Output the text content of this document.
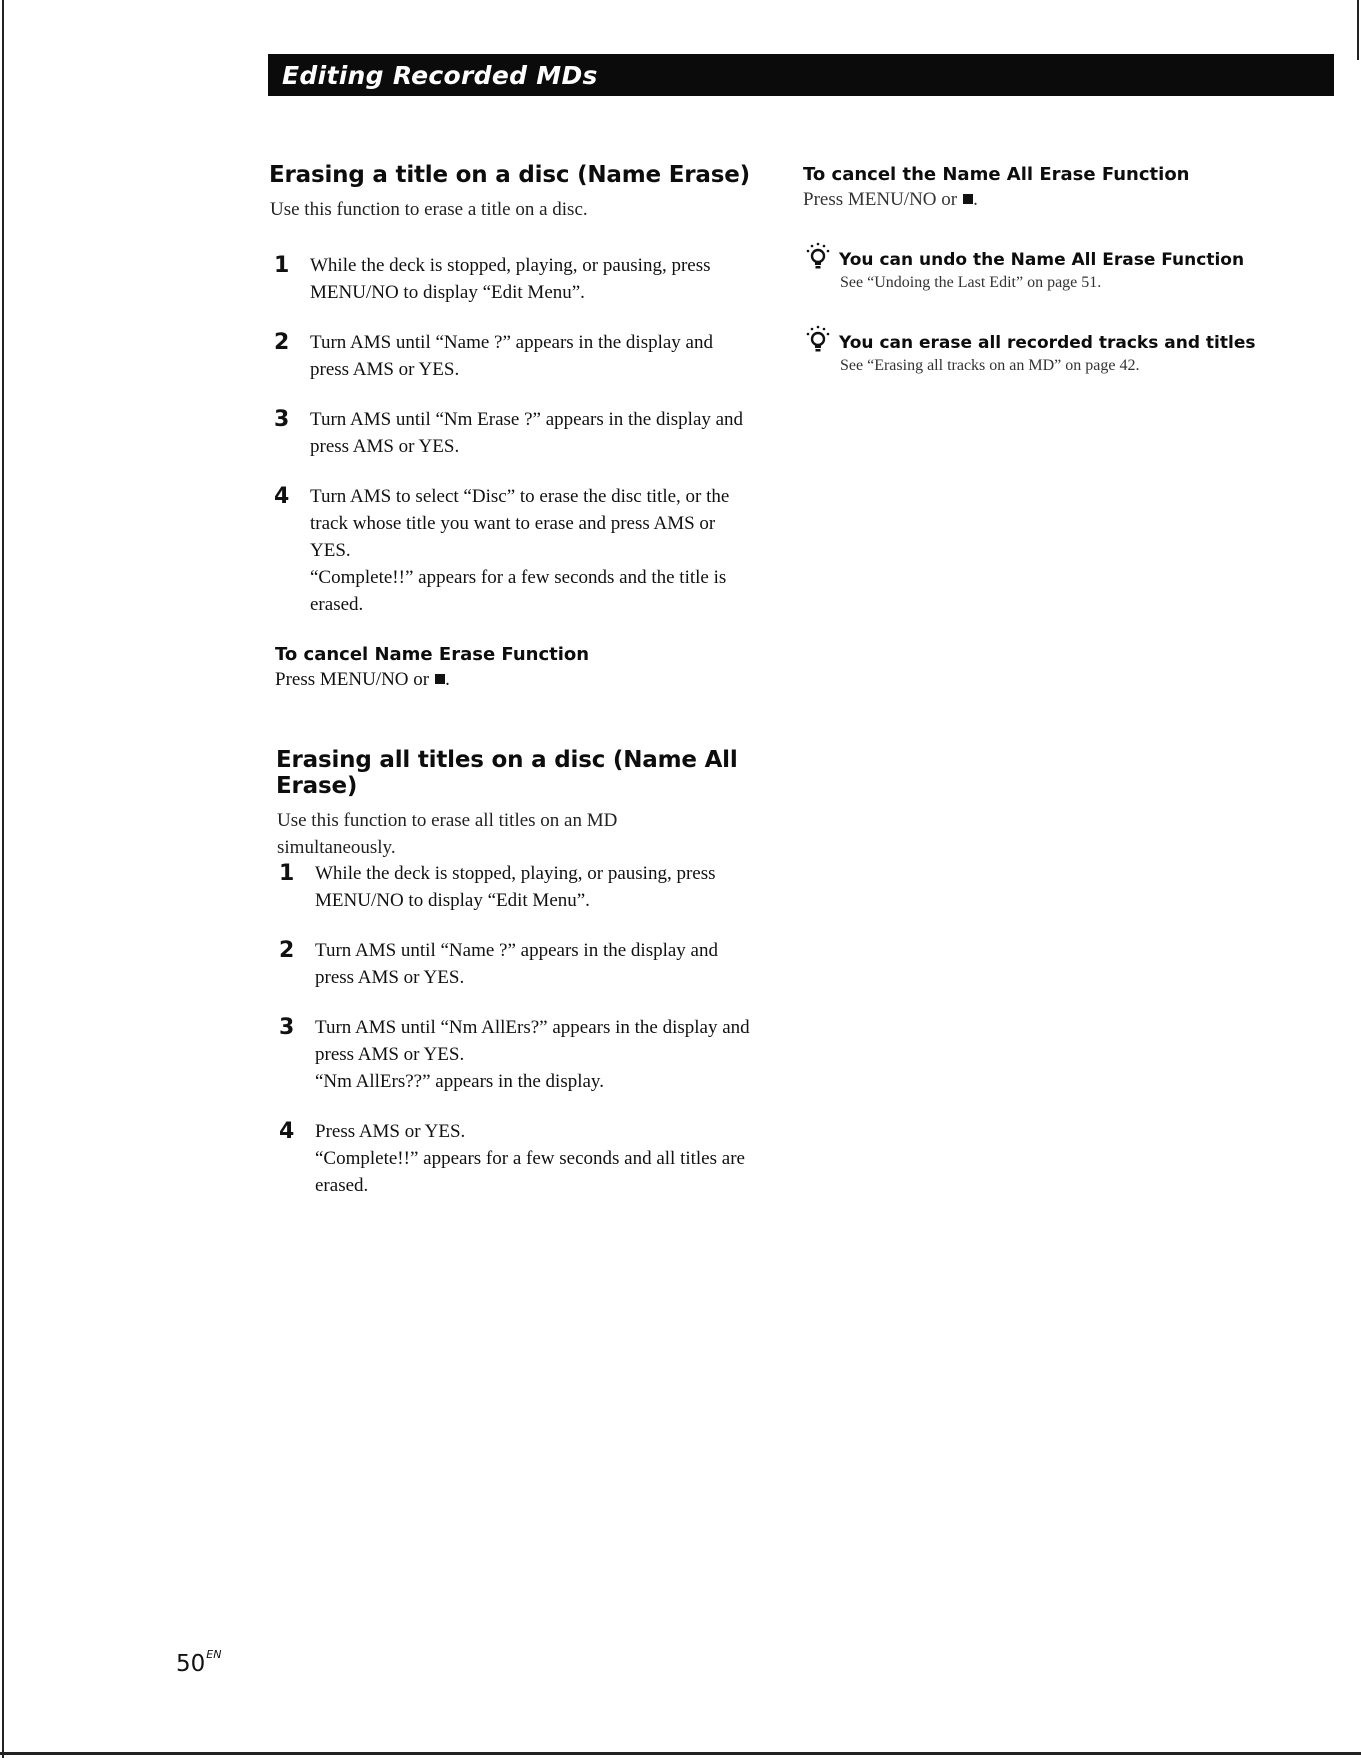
Editing Recorded MDs
Erasing a title on a disc (Name Erase)

Use this function to erase a title on a disc.

1	While the deck is stopped, playing, or pausing, press MENU/NO to display “Edit Menu”.

2	Turn AMS until “Name ?” appears in the display and press AMS or YES.

3	Turn AMS until “Nm Erase ?” appears in the display and press AMS or YES.

4	Turn AMS to select “Disc” to erase the disc title, or the track whose title you want to erase and press AMS or YES.

“Complete!!” appears for a few seconds and the title is erased.

To cancel Name Erase Function

Press MENU/NO or .

Erasing all titles on a disc (Name All Erase)

Use this function to erase all titles on an MD simultaneously.

1	While the deck is stopped, playing, or pausing, press MENU/NO to display “Edit Menu”.

2	Turn AMS until “Name ?” appears in the display and press AMS or YES.

3	Turn AMS until “Nm AllErs?” appears in the display and press AMS or YES.

“Nm AllErs??” appears in the display.

4	Press AMS or YES.

“Complete!!” appears for a few seconds and all titles are erased.

To cancel the Name All Erase Function

Press MENU/NO or .

You can undo the Name All Erase Function

See “Undoing the Last Edit” on page 51.

You can erase all recorded tracks and titles

See “Erasing all tracks on an MD” on page 42.

$50^{EN}$
